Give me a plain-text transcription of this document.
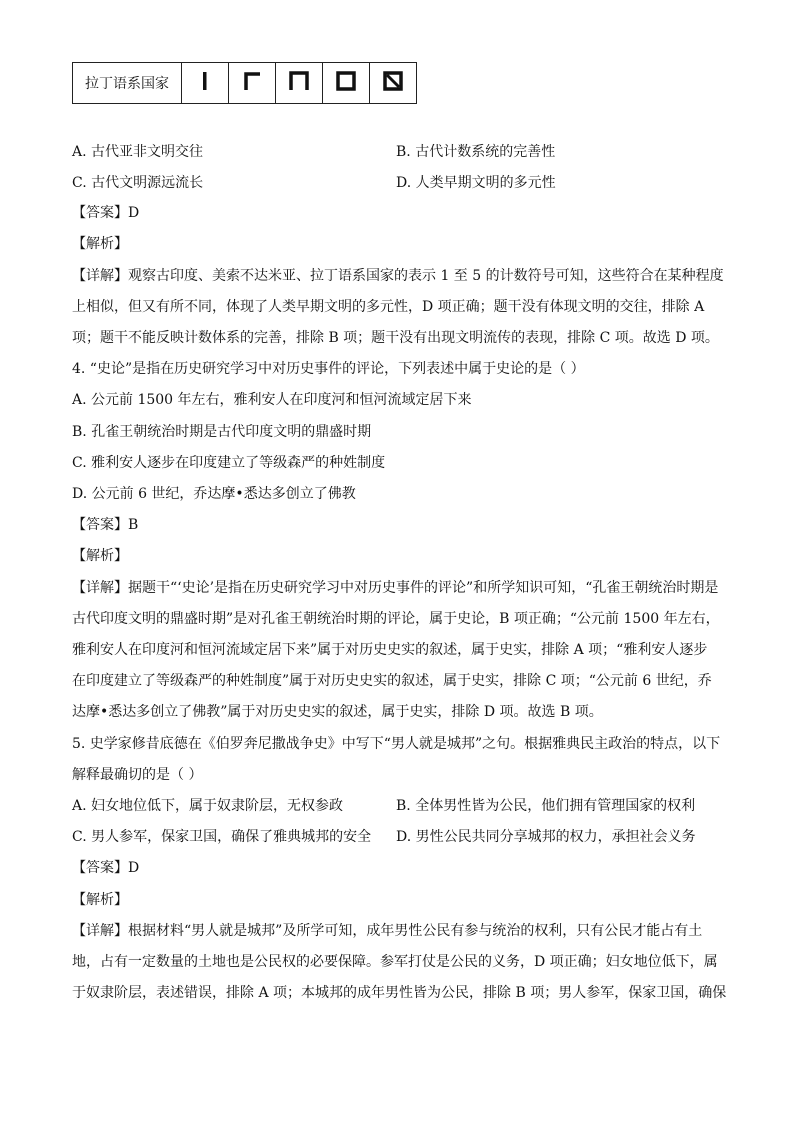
拉丁语系国家					
A. 古代亚非文明交往	B. 古代计数系统的完善性
C. 古代文明源远流长	D. 人类早期文明的多元性
【答案】D
【解析】
【详解】观察古印度、美索不达米亚、拉丁语系国家的表示 1 至 5 的计数符号可知，这些符合在某种程度
上相似，但又有所不同，体现了人类早期文明的多元性，D 项正确；题干没有体现文明的交往，排除 A
项；题干不能反映计数体系的完善，排除 B 项；题干没有出现文明流传的表现，排除 C 项。故选 D 项。
4. “史论”是指在历史研究学习中对历史事件的评论，下列表述中属于史论的是（ ）
A. 公元前 1500 年左右，雅利安人在印度河和恒河流域定居下来
B. 孔雀王朝统治时期是古代印度文明的鼎盛时期
C. 雅利安人逐步在印度建立了等级森严的种姓制度
D. 公元前 6 世纪，乔达摩•悉达多创立了佛教
【答案】B
【解析】
【详解】据题干“‘史论’是指在历史研究学习中对历史事件的评论”和所学知识可知，“孔雀王朝统治时期是
古代印度文明的鼎盛时期”是对孔雀王朝统治时期的评论，属于史论，B 项正确；“公元前 1500 年左右，
雅利安人在印度河和恒河流域定居下来”属于对历史史实的叙述，属于史实，排除 A 项；“雅利安人逐步
在印度建立了等级森严的种姓制度”属于对历史史实的叙述，属于史实，排除 C 项；“公元前 6 世纪，乔
达摩•悉达多创立了佛教”属于对历史史实的叙述，属于史实，排除 D 项。故选 B 项。
5. 史学家修昔底德在《伯罗奔尼撒战争史》中写下“男人就是城邦”之句。根据雅典民主政治的特点，以下
解释最确切的是（ ）
A. 妇女地位低下，属于奴隶阶层，无权参政	B. 全体男性皆为公民，他们拥有管理国家的权利
C. 男人参军，保家卫国，确保了雅典城邦的安全 D. 男性公民共同分享城邦的权力，承担社会义务
【答案】D
【解析】
【详解】根据材料“男人就是城邦”及所学可知，成年男性公民有参与统治的权利，只有公民才能占有土
地，占有一定数量的土地也是公民权的必要保障。参军打仗是公民的义务，D 项正确；妇女地位低下，属
于奴隶阶层，表述错误，排除 A 项；本城邦的成年男性皆为公民，排除 B 项；男人参军，保家卫国，确保
